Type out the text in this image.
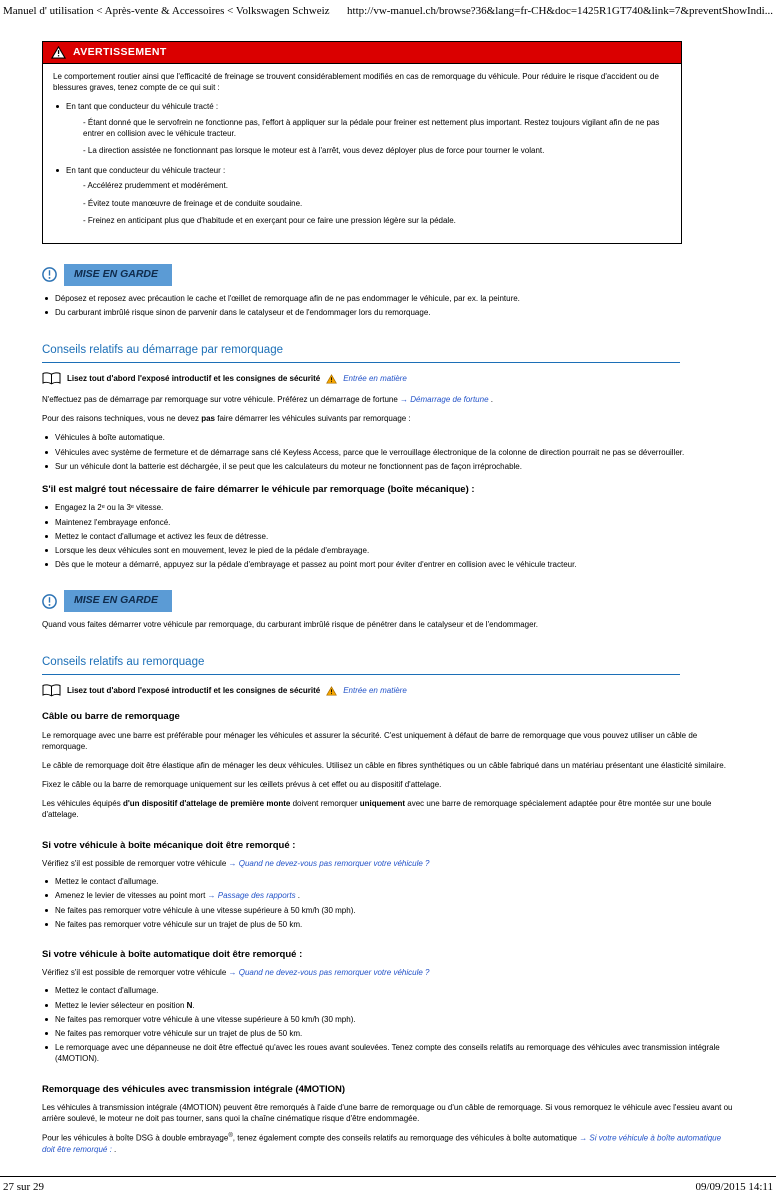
Manuel d' utilisation < Après-vente & Accessoires < Volkswagen Schweiz http://vw-manuel.ch/browse?36&lang=fr-CH&doc=1425R1GT740&link=7&preventShowIndi...
AVERTISSEMENT

Le comportement routier ainsi que l'efficacité de freinage se trouvent considérablement modifiés en cas de remorquage du véhicule. Pour réduire le risque d'accident ou de blessures graves, tenez compte de ce qui suit :

En tant que conducteur du véhicule tracté :

- Étant donné que le servofrein ne fonctionne pas, l'effort à appliquer sur la pédale pour freiner est nettement plus important. Restez toujours vigilant afin de ne pas entrer en collision avec le véhicule tracteur.

- La direction assistée ne fonctionnant pas lorsque le moteur est à l'arrêt, vous devez déployer plus de force pour tourner le volant.

En tant que conducteur du véhicule tracteur :

- Accélérez prudemment et modérément.

- Évitez toute manœuvre de freinage et de conduite soudaine.

- Freinez en anticipant plus que d'habitude et en exerçant pour ce faire une pression légère sur la pédale.

MISE EN GARDE
Déposez et reposez avec précaution le cache et l'œillet de remorquage afin de ne pas endommager le véhicule, par ex. la peinture.
Du carburant imbrûlé risque sinon de parvenir dans le catalyseur et de l'endommager lors du remorquage.
Conseils relatifs au démarrage par remorquage
Lisez tout d'abord l'exposé introductif et les consignes de sécurité	Entrée en matière

N'effectuez pas de démarrage par remorquage sur votre véhicule. Préférez un démarrage de fortune → Démarrage de fortune .

Pour des raisons techniques, vous ne devez pas faire démarrer les véhicules suivants par remorquage :

Véhicules à boîte automatique.
Véhicules avec système de fermeture et de démarrage sans clé Keyless Access, parce que le verrouillage électronique de la colonne de direction pourrait ne pas se déverrouiller.
Sur un véhicule dont la batterie est déchargée, il se peut que les calculateurs du moteur ne fonctionnent pas de façon irréprochable.
S'il est malgré tout nécessaire de faire démarrer le véhicule par remorquage (boîte mécanique) :
Engagez la 2ᵉ ou la 3ᵉ vitesse.
Maintenez l'embrayage enfoncé.
Mettez le contact d'allumage et activez les feux de détresse.
Lorsque les deux véhicules sont en mouvement, levez le pied de la pédale d'embrayage.
Dès que le moteur a démarré, appuyez sur la pédale d'embrayage et passez au point mort pour éviter d'entrer en collision avec le véhicule tracteur.
MISE EN GARDE

Quand vous faites démarrer votre véhicule par remorquage, du carburant imbrûlé risque de pénétrer dans le catalyseur et de l'endommager.

Conseils relatifs au remorquage
Lisez tout d'abord l'exposé introductif et les consignes de sécurité	Entrée en matière
Câble ou barre de remorquage

Le remorquage avec une barre est préférable pour ménager les véhicules et assurer la sécurité. C'est uniquement à défaut de barre de remorquage que vous pouvez utiliser un câble de remorquage.

Le câble de remorquage doit être élastique afin de ménager les deux véhicules. Utilisez un câble en fibres synthétiques ou un câble fabriqué dans un matériau présentant une élasticité similaire.

Fixez le câble ou la barre de remorquage uniquement sur les œillets prévus à cet effet ou au dispositif d'attelage.

Les véhicules équipés d'un dispositif d'attelage de première monte doivent remorquer uniquement avec une barre de remorquage spécialement adaptée pour être montée sur une boule d'attelage.

Si votre véhicule à boîte mécanique doit être remorqué :

Vérifiez s'il est possible de remorquer votre véhicule → Quand ne devez-vous pas remorquer votre véhicule ?

Mettez le contact d'allumage.
Amenez le levier de vitesses au point mort → Passage des rapports .
Ne faites pas remorquer votre véhicule à une vitesse supérieure à 50 km/h (30 mph).
Ne faites pas remorquer votre véhicule sur un trajet de plus de 50 km.
Si votre véhicule à boîte automatique doit être remorqué :

Vérifiez s'il est possible de remorquer votre véhicule → Quand ne devez-vous pas remorquer votre véhicule ?

Mettez le contact d'allumage.
Mettez le levier sélecteur en position N.
Ne faites pas remorquer votre véhicule à une vitesse supérieure à 50 km/h (30 mph).
Ne faites pas remorquer votre véhicule sur un trajet de plus de 50 km.
Le remorquage avec une dépanneuse ne doit être effectué qu'avec les roues avant soulevées. Tenez compte des conseils relatifs au remorquage des véhicules avec transmission intégrale (4MOTION).
Remorquage des véhicules avec transmission intégrale (4MOTION)

Les véhicules à transmission intégrale (4MOTION) peuvent être remorqués à l'aide d'une barre de remorquage ou d'un câble de remorquage. Si vous remorquez le véhicule avec l'essieu avant ou arrière soulevé, le moteur ne doit pas tourner, sans quoi la chaîne cinématique risque d'être endommagée.

Pour les véhicules à boîte DSG à double embrayage®, tenez également compte des conseils relatifs au remorquage des véhicules à boîte automatique → Si votre véhicule à boîte automatique doit être remorqué : .

27 sur 29	09/09/2015 14:11
